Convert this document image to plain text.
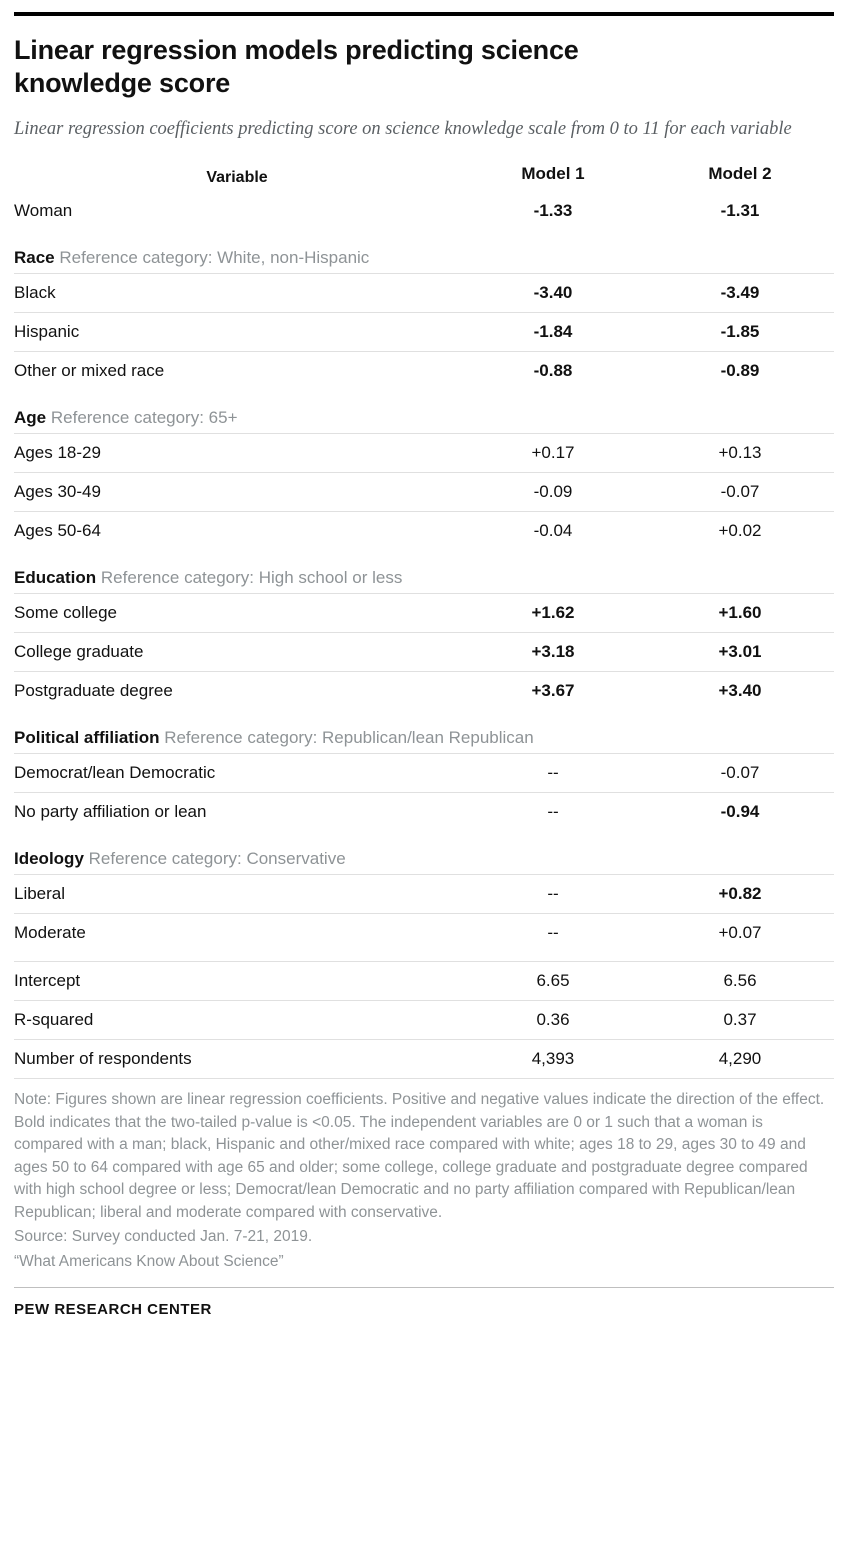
Linear regression models predicting science knowledge score
Linear regression coefficients predicting score on science knowledge scale from 0 to 11 for each variable
Variable	Model 1	Model 2
Woman	-1.33	-1.31
Race Reference category: White, non-Hispanic		
Black	-3.40	-3.49
Hispanic	-1.84	-1.85
Other or mixed race	-0.88	-0.89
Age Reference category: 65+		
Ages 18-29	+0.17	+0.13
Ages 30-49	-0.09	-0.07
Ages 50-64	-0.04	+0.02
Education Reference category: High school or less		
Some college	+1.62	+1.60
College graduate	+3.18	+3.01
Postgraduate degree	+3.67	+3.40
Political affiliation Reference category: Republican/lean Republican		
Democrat/lean Democratic	--	-0.07
No party affiliation or lean	--	-0.94
Ideology Reference category: Conservative		
Liberal	--	+0.82
Moderate	--	+0.07

Intercept	6.65	6.56
R-squared	0.36	0.37
Number of respondents	4,393	4,290

Note: Figures shown are linear regression coefficients. Positive and negative values indicate the direction of the effect. Bold indicates that the two-tailed p-value is <0.05. The independent variables are 0 or 1 such that a woman is compared with a man; black, Hispanic and other/mixed race compared with white; ages 18 to 29, ages 30 to 49 and ages 50 to 64 compared with age 65 and older; some college, college graduate and postgraduate degree compared with high school degree or less; Democrat/lean Democratic and no party affiliation compared with Republican/lean Republican; liberal and moderate compared with conservative.

Source: Survey conducted Jan. 7-21, 2019.

“What Americans Know About Science”

PEW RESEARCH CENTER
